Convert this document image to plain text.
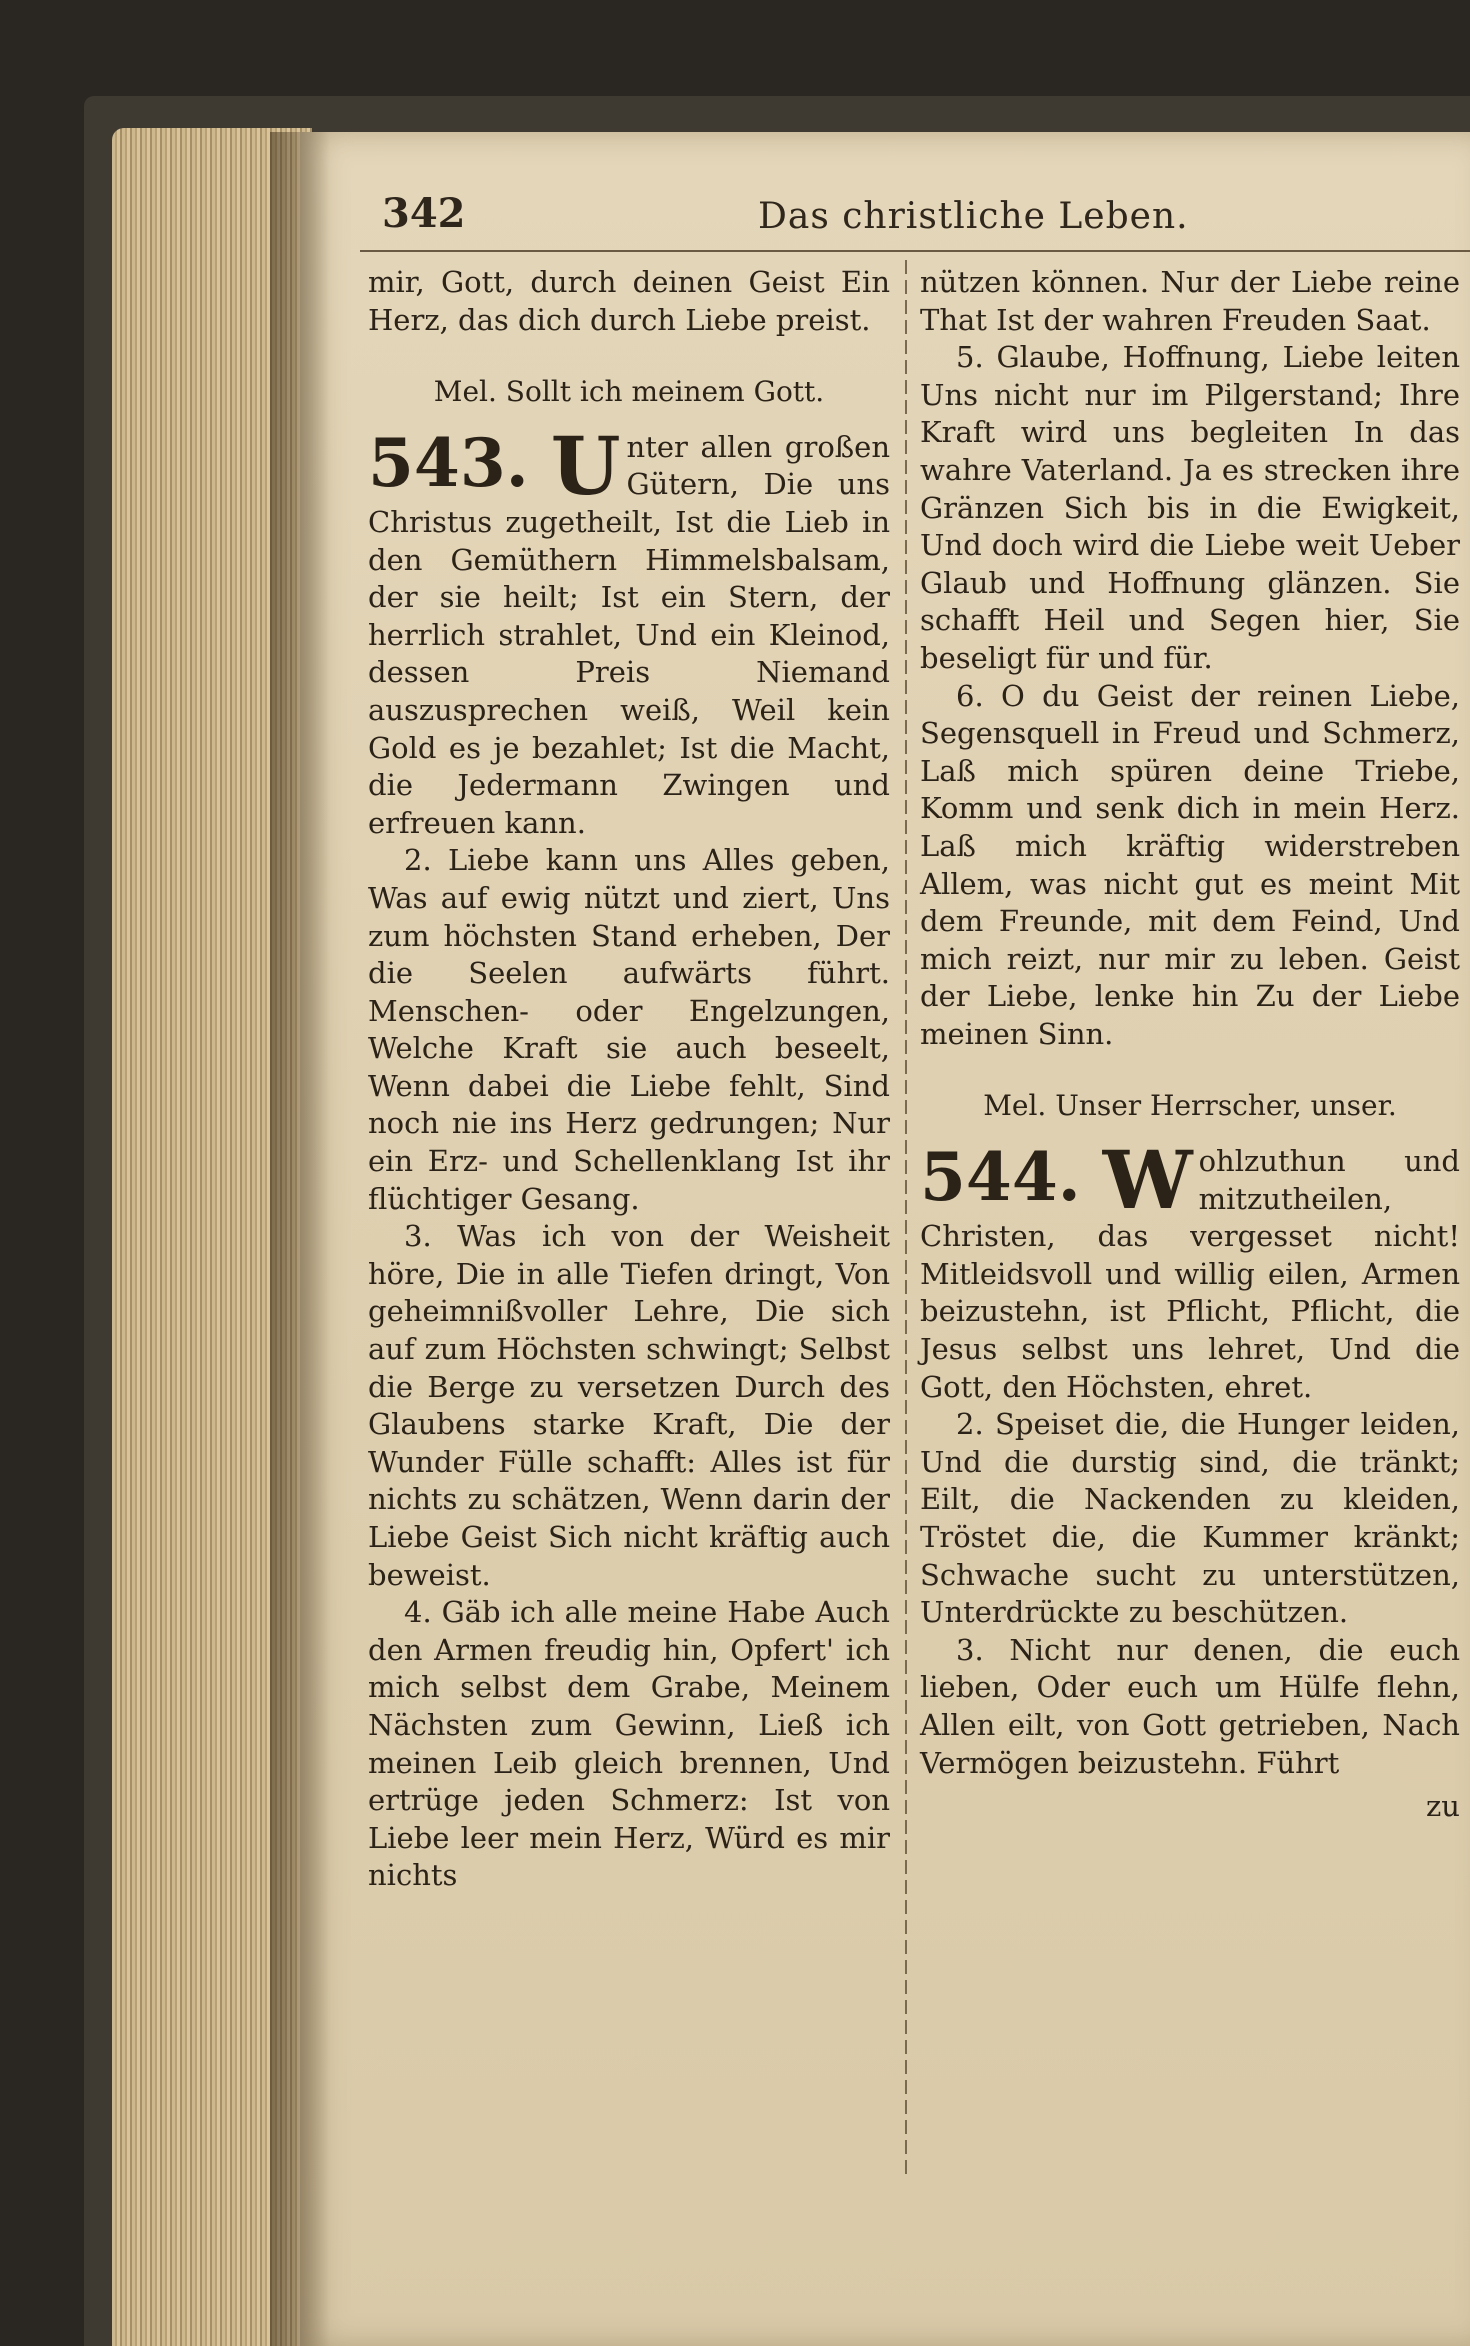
342	Das christliche Leben.

mir, Gott, durch deinen Geist Ein Herz, das dich durch Liebe preist.

Mel. Sollt ich meinem Gott.

543. U nter allen großen Gütern, Die uns Christus zugetheilt, Ist die Lieb in den Gemüthern Himmelsbalsam, der sie heilt; Ist ein Stern, der herrlich strahlet, Und ein Kleinod, dessen Preis Niemand auszusprechen weiß, Weil kein Gold es je bezahlet; Ist die Macht, die Jedermann Zwingen und erfreuen kann.

2. Liebe kann uns Alles geben, Was auf ewig nützt und ziert, Uns zum höchsten Stand erheben, Der die Seelen aufwärts führt. Menschen- oder Engelzungen, Welche Kraft sie auch beseelt, Wenn dabei die Liebe fehlt, Sind noch nie ins Herz gedrungen; Nur ein Erz- und Schellenklang Ist ihr flüchtiger Gesang.

3. Was ich von der Weisheit höre, Die in alle Tiefen dringt, Von geheimnißvoller Lehre, Die sich auf zum Höchsten schwingt; Selbst die Berge zu versetzen Durch des Glaubens starke Kraft, Die der Wunder Fülle schafft: Alles ist für nichts zu schätzen, Wenn darin der Liebe Geist Sich nicht kräftig auch beweist.

4. Gäb ich alle meine Habe Auch den Armen freudig hin, Opfert' ich mich selbst dem Grabe, Meinem Nächsten zum Gewinn, Ließ ich meinen Leib gleich brennen, Und ertrüge jeden Schmerz: Ist von Liebe leer mein Herz, Würd es mir nichts

nützen können. Nur der Liebe reine That Ist der wahren Freuden Saat.

5. Glaube, Hoffnung, Liebe leiten Uns nicht nur im Pilgerstand; Ihre Kraft wird uns begleiten In das wahre Vaterland. Ja es strecken ihre Gränzen Sich bis in die Ewigkeit, Und doch wird die Liebe weit Ueber Glaub und Hoffnung glänzen. Sie schafft Heil und Segen hier, Sie beseligt für und für.

6. O du Geist der reinen Liebe, Segensquell in Freud und Schmerz, Laß mich spüren deine Triebe, Komm und senk dich in mein Herz. Laß mich kräftig widerstreben Allem, was nicht gut es meint Mit dem Freunde, mit dem Feind, Und mich reizt, nur mir zu leben. Geist der Liebe, lenke hin Zu der Liebe meinen Sinn.

Mel. Unser Herrscher, unser.

544. W ohlzuthun und mitzutheilen, Christen, das vergesset nicht! Mitleidsvoll und willig eilen, Armen beizustehn, ist Pflicht, Pflicht, die Jesus selbst uns lehret, Und die Gott, den Höchsten, ehret.

2. Speiset die, die Hunger leiden, Und die durstig sind, die tränkt; Eilt, die Nackenden zu kleiden, Tröstet die, die Kummer kränkt; Schwache sucht zu unterstützen, Unterdrückte zu beschützen.

3. Nicht nur denen, die euch lieben, Oder euch um Hülfe flehn, Allen eilt, von Gott getrieben, Nach Vermögen beizustehn. Führt

zu
